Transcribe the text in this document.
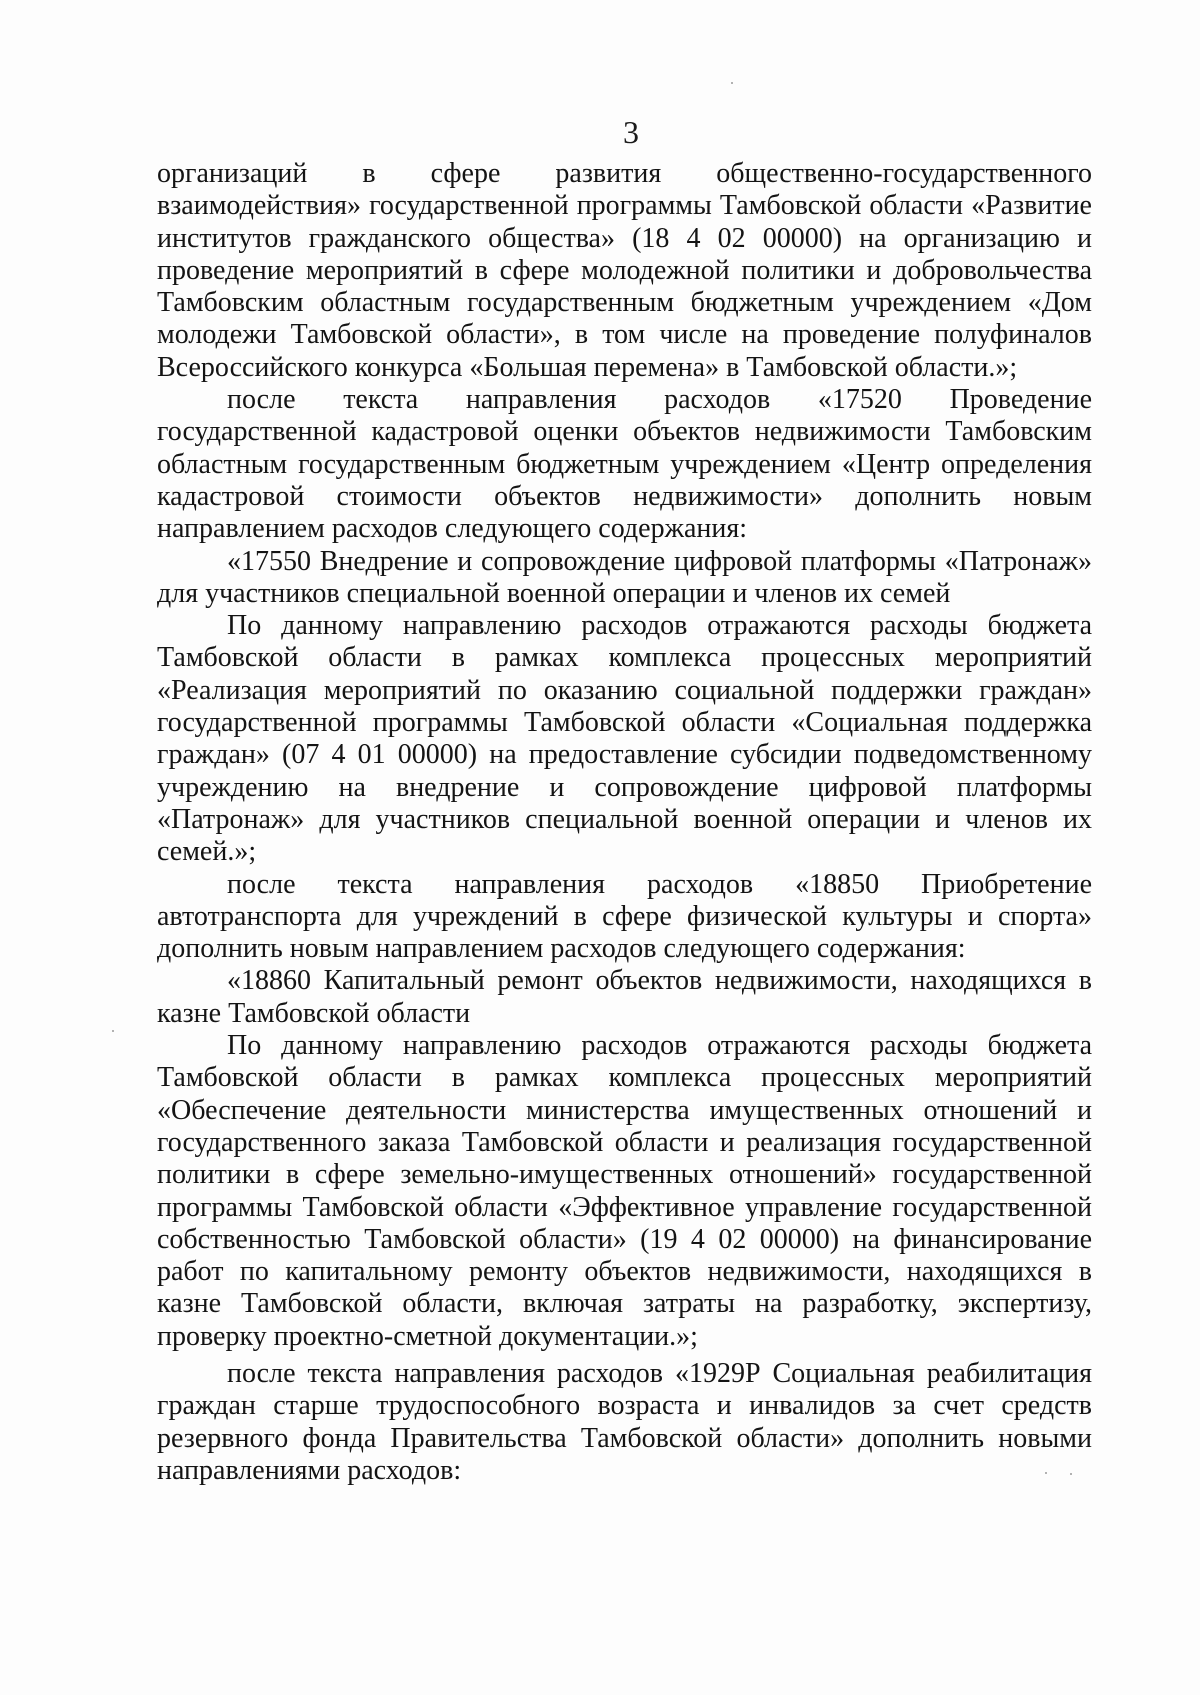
3

организаций в сфере развития общественно-государственного взаимодействия» государственной программы Тамбовской области «Развитие институтов гражданского общества» (18 4 02 00000) на организацию и проведение мероприятий в сфере молодежной политики и добровольчества Тамбовским областным государственным бюджетным учреждением «Дом молодежи Тамбовской области», в том числе на проведение полуфиналов Всероссийского конкурса «Большая перемена» в Тамбовской области.»;

после текста направления расходов «17520 Проведение государственной кадастровой оценки объектов недвижимости Тамбовским областным государственным бюджетным учреждением «Центр определения кадастровой стоимости объектов недвижимости» дополнить новым направлением расходов следующего содержания:

«17550 Внедрение и сопровождение цифровой платформы «Патронаж» для участников специальной военной операции и членов их семей

По данному направлению расходов отражаются расходы бюджета Тамбовской области в рамках комплекса процессных мероприятий «Реализация мероприятий по оказанию социальной поддержки граждан» государственной программы Тамбовской области «Социальная поддержка граждан» (07 4 01 00000) на предоставление субсидии подведомственному учреждению на внедрение и сопровождение цифровой платформы «Патронаж» для участников специальной военной операции и членов их семей.»;

после текста направления расходов «18850 Приобретение автотранспорта для учреждений в сфере физической культуры и спорта» дополнить новым направлением расходов следующего содержания:

«18860 Капитальный ремонт объектов недвижимости, находящихся в казне Тамбовской области

По данному направлению расходов отражаются расходы бюджета Тамбовской области в рамках комплекса процессных мероприятий «Обеспечение деятельности министерства имущественных отношений и государственного заказа Тамбовской области и реализация государственной политики в сфере земельно-имущественных отношений» государственной программы Тамбовской области «Эффективное управление государственной собственностью Тамбовской области» (19 4 02 00000) на финансирование работ по капитальному ремонту объектов недвижимости, находящихся в казне Тамбовской области, включая затраты на разработку, экспертизу, проверку проектно-сметной документации.»;

после текста направления расходов «1929Р Социальная реабилитация граждан старше трудоспособного возраста и инвалидов за счет средств резервного фонда Правительства Тамбовской области» дополнить новыми направлениями расходов:
